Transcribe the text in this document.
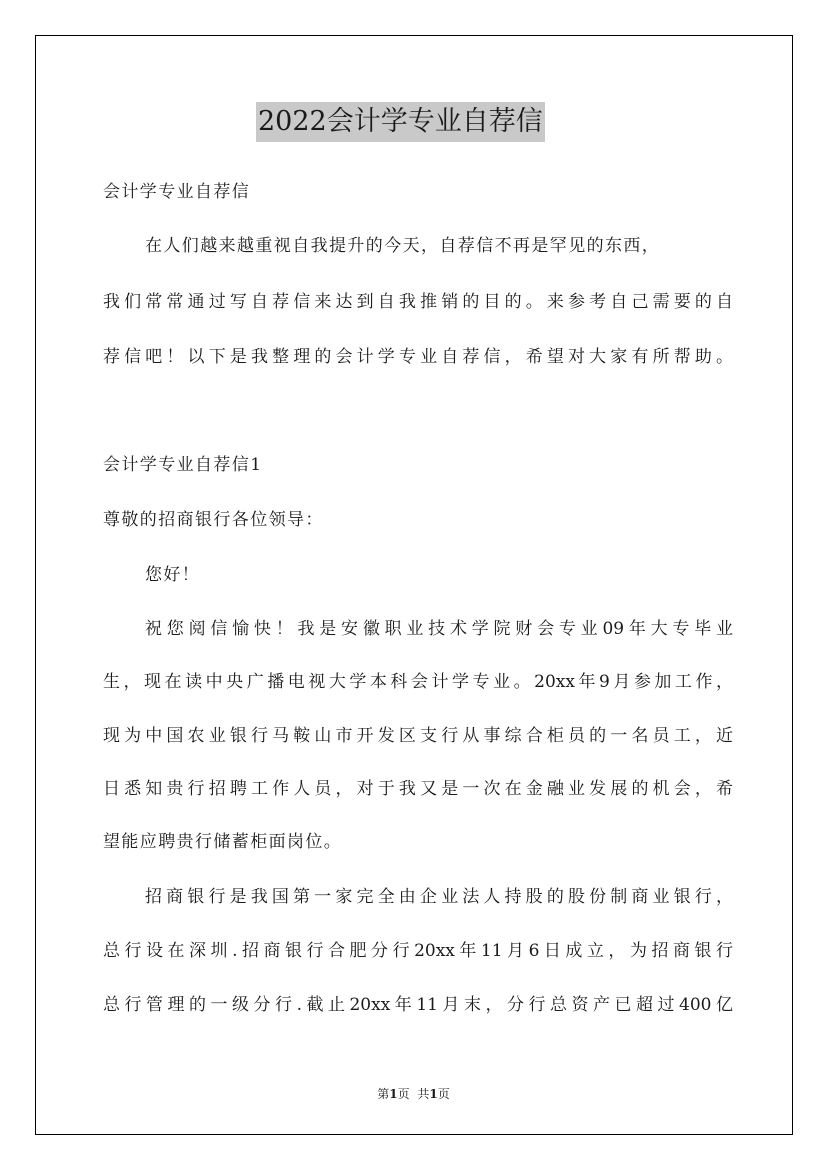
2022会计学专业自荐信
会计学专业自荐信
在人们越来越重视自我提升的今天，自荐信不再是罕见的东西，
我们常常通过写自荐信来达到自我推销的目的。来参考自己需要的自
荐信吧！以下是我整理的会计学专业自荐信，希望对大家有所帮助。
会计学专业自荐信1
尊敬的招商银行各位领导：
您好！
祝您阅信愉快！我是安徽职业技术学院财会专业09年大专毕业
生，现在读中央广播电视大学本科会计学专业。20xx年9月参加工作，
现为中国农业银行马鞍山市开发区支行从事综合柜员的一名员工，近
日悉知贵行招聘工作人员，对于我又是一次在金融业发展的机会，希
望能应聘贵行储蓄柜面岗位。
招商银行是我国第一家完全由企业法人持股的股份制商业银行，
总行设在深圳.招商银行合肥分行20xx年11月6日成立，为招商银行
总行管理的一级分行.截止20xx年11月末，分行总资产已超过400亿
第1页 共1页
